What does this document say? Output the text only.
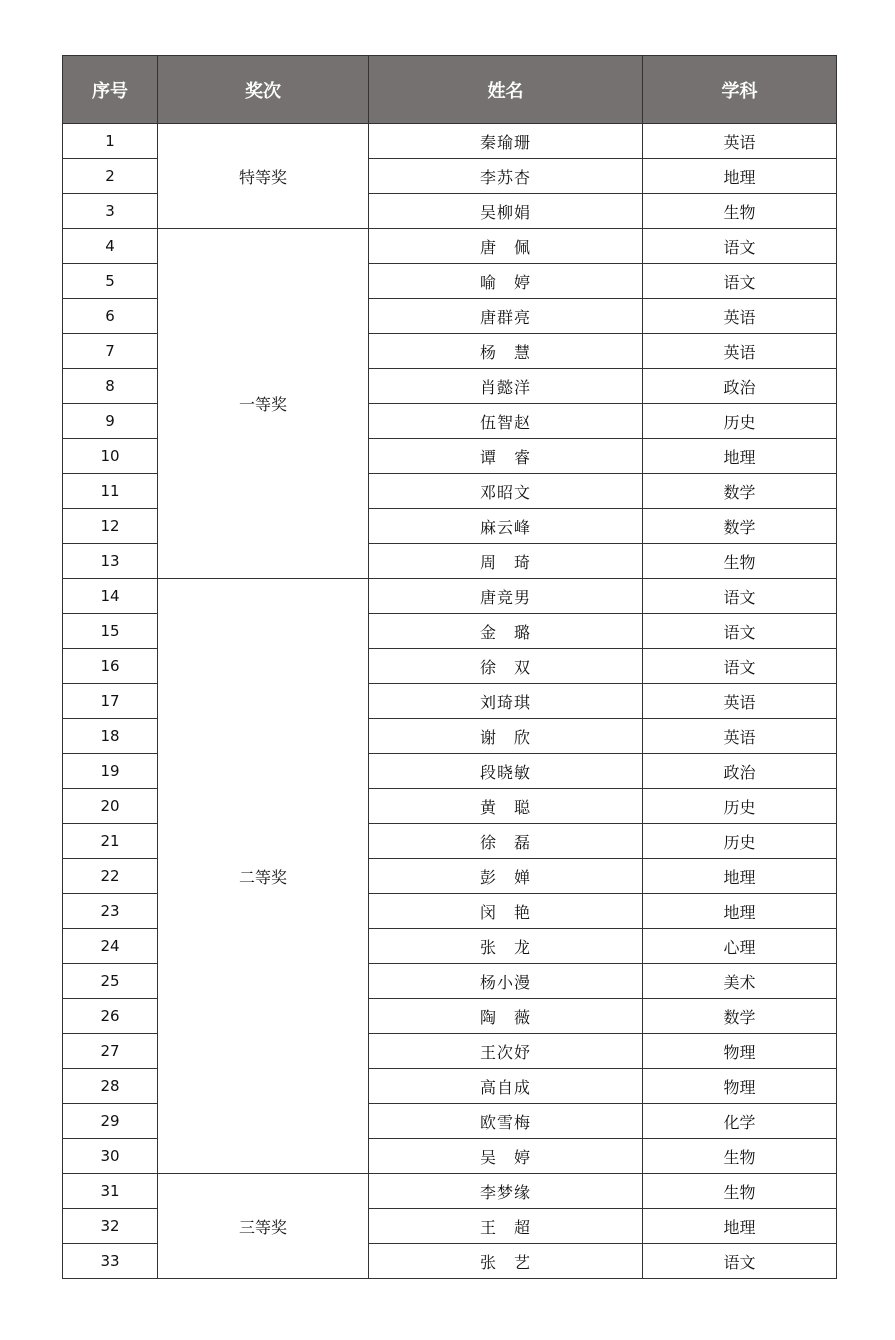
序号	奖次	姓名	学科
1	特等奖	秦瑜珊	英语
2		李苏杏	地理
3		吴柳娟	生物
4	一等奖	唐　佩	语文
5		喻　婷	语文
6		唐群亮	英语
7		杨　慧	英语
8		肖懿洋	政治
9		伍智赵	历史
10		谭　睿	地理
11		邓昭文	数学
12		麻云峰	数学
13		周　琦	生物
14	二等奖	唐竞男	语文
15		金　璐	语文
16		徐　双	语文
17		刘琦琪	英语
18		谢　欣	英语
19		段晓敏	政治
20		黄　聪	历史
21		徐　磊	历史
22		彭　婵	地理
23		闵　艳	地理
24		张　龙	心理
25		杨小漫	美术
26		陶　薇	数学
27		王次妤	物理
28		高自成	物理
29		欧雪梅	化学
30		吴　婷	生物
31	三等奖	李梦缘	生物
32		王　超	地理
33		张　艺	语文
